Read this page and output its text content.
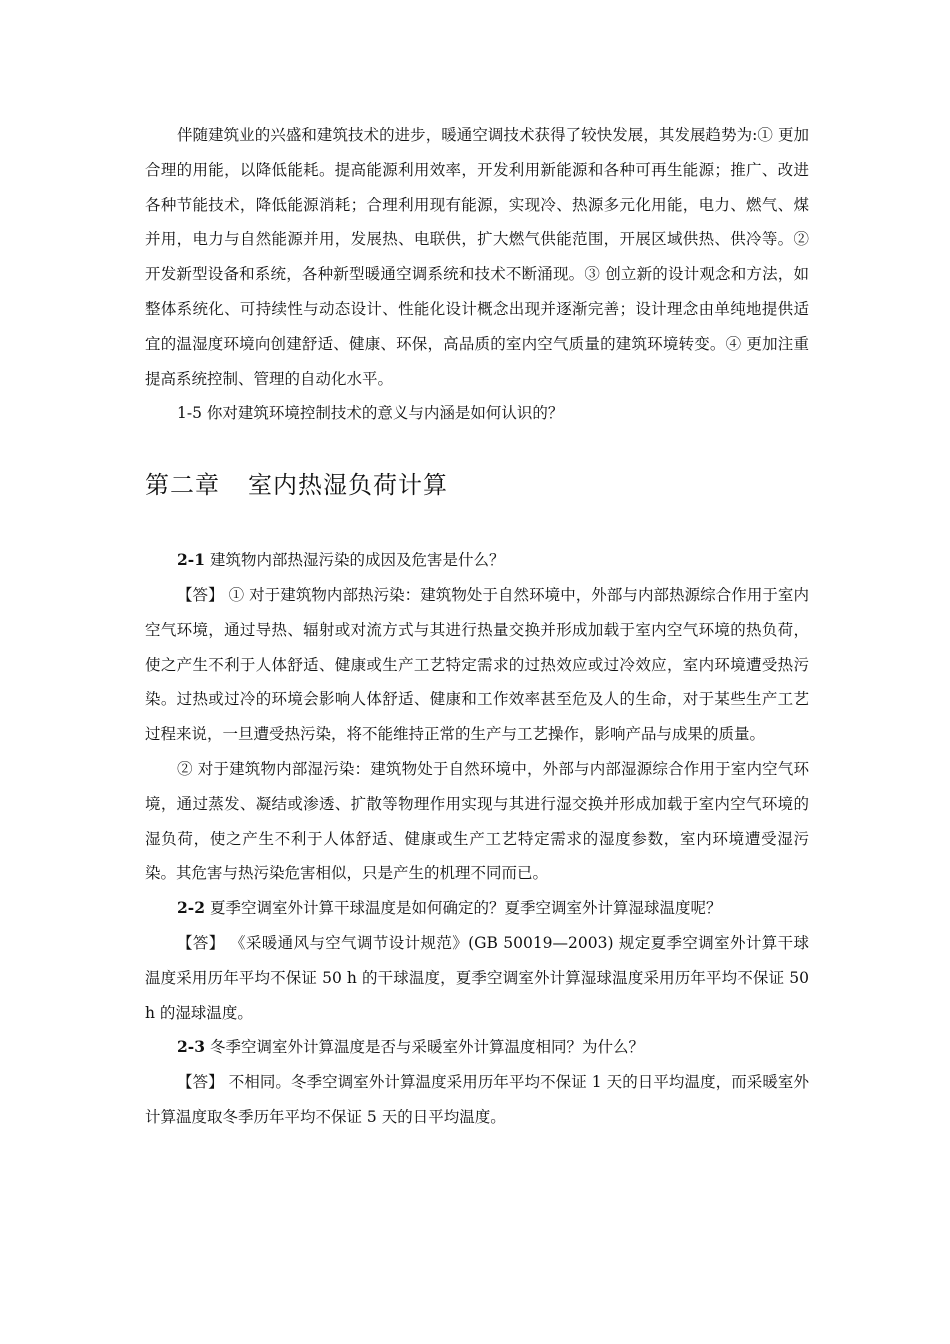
伴随建筑业的兴盛和建筑技术的进步，暖通空调技术获得了较快发展，其发展趋势为:① 更加合理的用能，以降低能耗。提高能源利用效率，开发利用新能源和各种可再生能源；推广、改进各种节能技术，降低能源消耗；合理利用现有能源，实现冷、热源多元化用能，电力、燃气、煤并用，电力与自然能源并用，发展热、电联供，扩大燃气供能范围，开展区域供热、供冷等。② 开发新型设备和系统，各种新型暖通空调系统和技术不断涌现。③ 创立新的设计观念和方法，如整体系统化、可持续性与动态设计、性能化设计概念出现并逐渐完善；设计理念由单纯地提供适宜的温湿度环境向创建舒适、健康、环保，高品质的室内空气质量的建筑环境转变。④ 更加注重提高系统控制、管理的自动化水平。

1-5 你对建筑环境控制技术的意义与内涵是如何认识的？

第二章 室内热湿负荷计算

2-1 建筑物内部热湿污染的成因及危害是什么？

【答】 ① 对于建筑物内部热污染：建筑物处于自然环境中，外部与内部热源综合作用于室内空气环境，通过导热、辐射或对流方式与其进行热量交换并形成加载于室内空气环境的热负荷，使之产生不利于人体舒适、健康或生产工艺特定需求的过热效应或过冷效应，室内环境遭受热污染。过热或过冷的环境会影响人体舒适、健康和工作效率甚至危及人的生命，对于某些生产工艺过程来说，一旦遭受热污染，将不能维持正常的生产与工艺操作，影响产品与成果的质量。

② 对于建筑物内部湿污染：建筑物处于自然环境中，外部与内部湿源综合作用于室内空气环境，通过蒸发、凝结或渗透、扩散等物理作用实现与其进行湿交换并形成加载于室内空气环境的湿负荷，使之产生不利于人体舒适、健康或生产工艺特定需求的湿度参数，室内环境遭受湿污染。其危害与热污染危害相似，只是产生的机理不同而已。

2-2 夏季空调室外计算干球温度是如何确定的？夏季空调室外计算湿球温度呢？

【答】 《采暖通风与空气调节设计规范》(GB 50019—2003) 规定夏季空调室外计算干球温度采用历年平均不保证 50 h 的干球温度，夏季空调室外计算湿球温度采用历年平均不保证 50 h 的湿球温度。

2-3 冬季空调室外计算温度是否与采暖室外计算温度相同？为什么？

【答】 不相同。冬季空调室外计算温度采用历年平均不保证 1 天的日平均温度，而采暖室外计算温度取冬季历年平均不保证 5 天的日平均温度。
